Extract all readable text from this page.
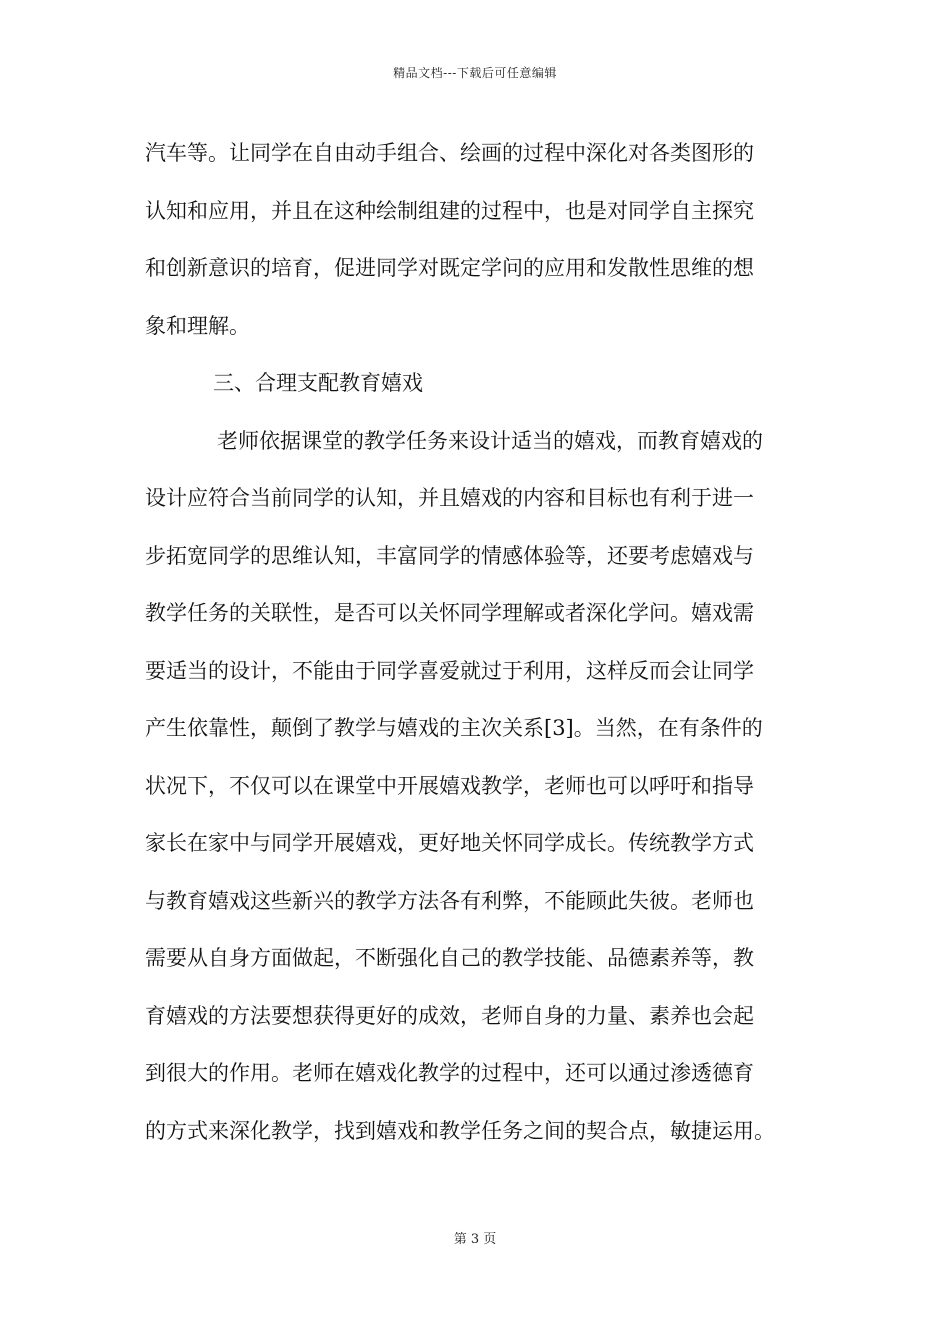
精品文档---下载后可任意编辑
汽车等。让同学在自由动手组合、绘画的过程中深化对各类图形的
认知和应用，并且在这种绘制组建的过程中，也是对同学自主探究
和创新意识的培育，促进同学对既定学问的应用和发散性思维的想
象和理解。
三、合理支配教育嬉戏
老师依据课堂的教学任务来设计适当的嬉戏，而教育嬉戏的
设计应符合当前同学的认知，并且嬉戏的内容和目标也有利于进一
步拓宽同学的思维认知，丰富同学的情感体验等，还要考虑嬉戏与
教学任务的关联性，是否可以关怀同学理解或者深化学问。嬉戏需
要适当的设计，不能由于同学喜爱就过于利用，这样反而会让同学
产生依靠性，颠倒了教学与嬉戏的主次关系[3]。当然，在有条件的
状况下，不仅可以在课堂中开展嬉戏教学，老师也可以呼吁和指导
家长在家中与同学开展嬉戏，更好地关怀同学成长。传统教学方式
与教育嬉戏这些新兴的教学方法各有利弊，不能顾此失彼。老师也
需要从自身方面做起，不断强化自己的教学技能、品德素养等，教
育嬉戏的方法要想获得更好的成效，老师自身的力量、素养也会起
到很大的作用。老师在嬉戏化教学的过程中，还可以通过渗透德育
的方式来深化教学，找到嬉戏和教学任务之间的契合点，敏捷运用。
第 3 页
